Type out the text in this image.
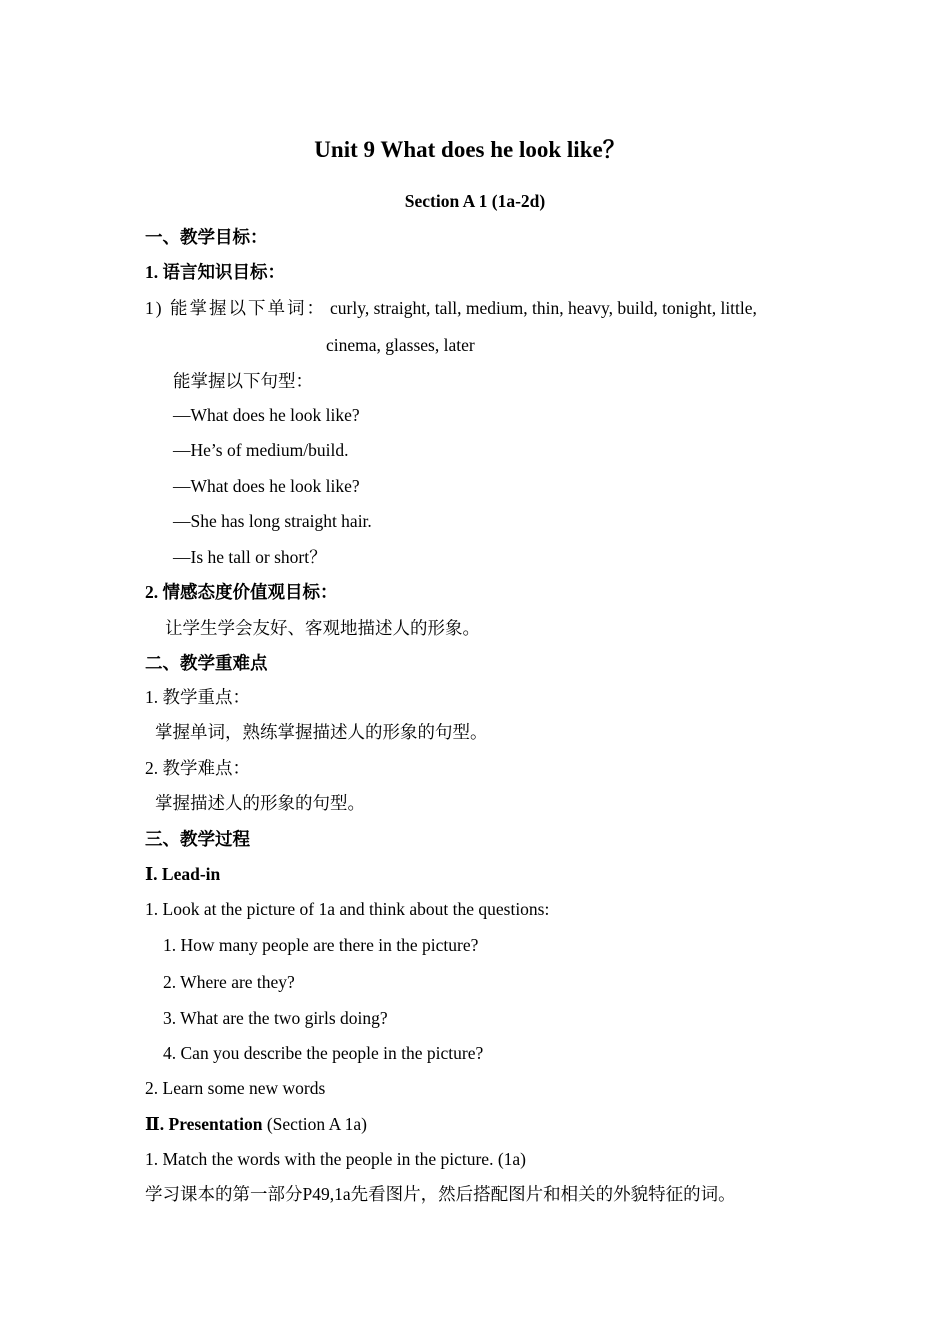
Unit 9 What does he look like？
Section A 1 (1a-2d)
一、教学目标：
1. 语言知识目标：
1) 能掌握以下单词： curly, straight, tall, medium, thin, heavy, build, tonight, little,
cinema, glasses, later
能掌握以下句型：
—What does he look like?
—He’s of medium/build.
—What does he look like?
—She has long straight hair.
—Is he tall or short？
2. 情感态度价值观目标：
让学生学会友好、客观地描述人的形象。
二、教学重难点
1. 教学重点：
掌握单词，熟练掌握描述人的形象的句型。
2. 教学难点：
掌握描述人的形象的句型。
三、教学过程
Ⅰ. Lead-in
1. Look at the picture of 1a and think about the questions:
1. How many people are there in the picture?
2. Where are they?
3. What are the two girls doing?
4. Can you describe the people in the picture?
2. Learn some new words
Ⅱ. Presentation (Section A 1a)
1. Match the words with the people in the picture. (1a)
学习课本的第一部分P49,1a先看图片，然后搭配图片和相关的外貌特征的词。
